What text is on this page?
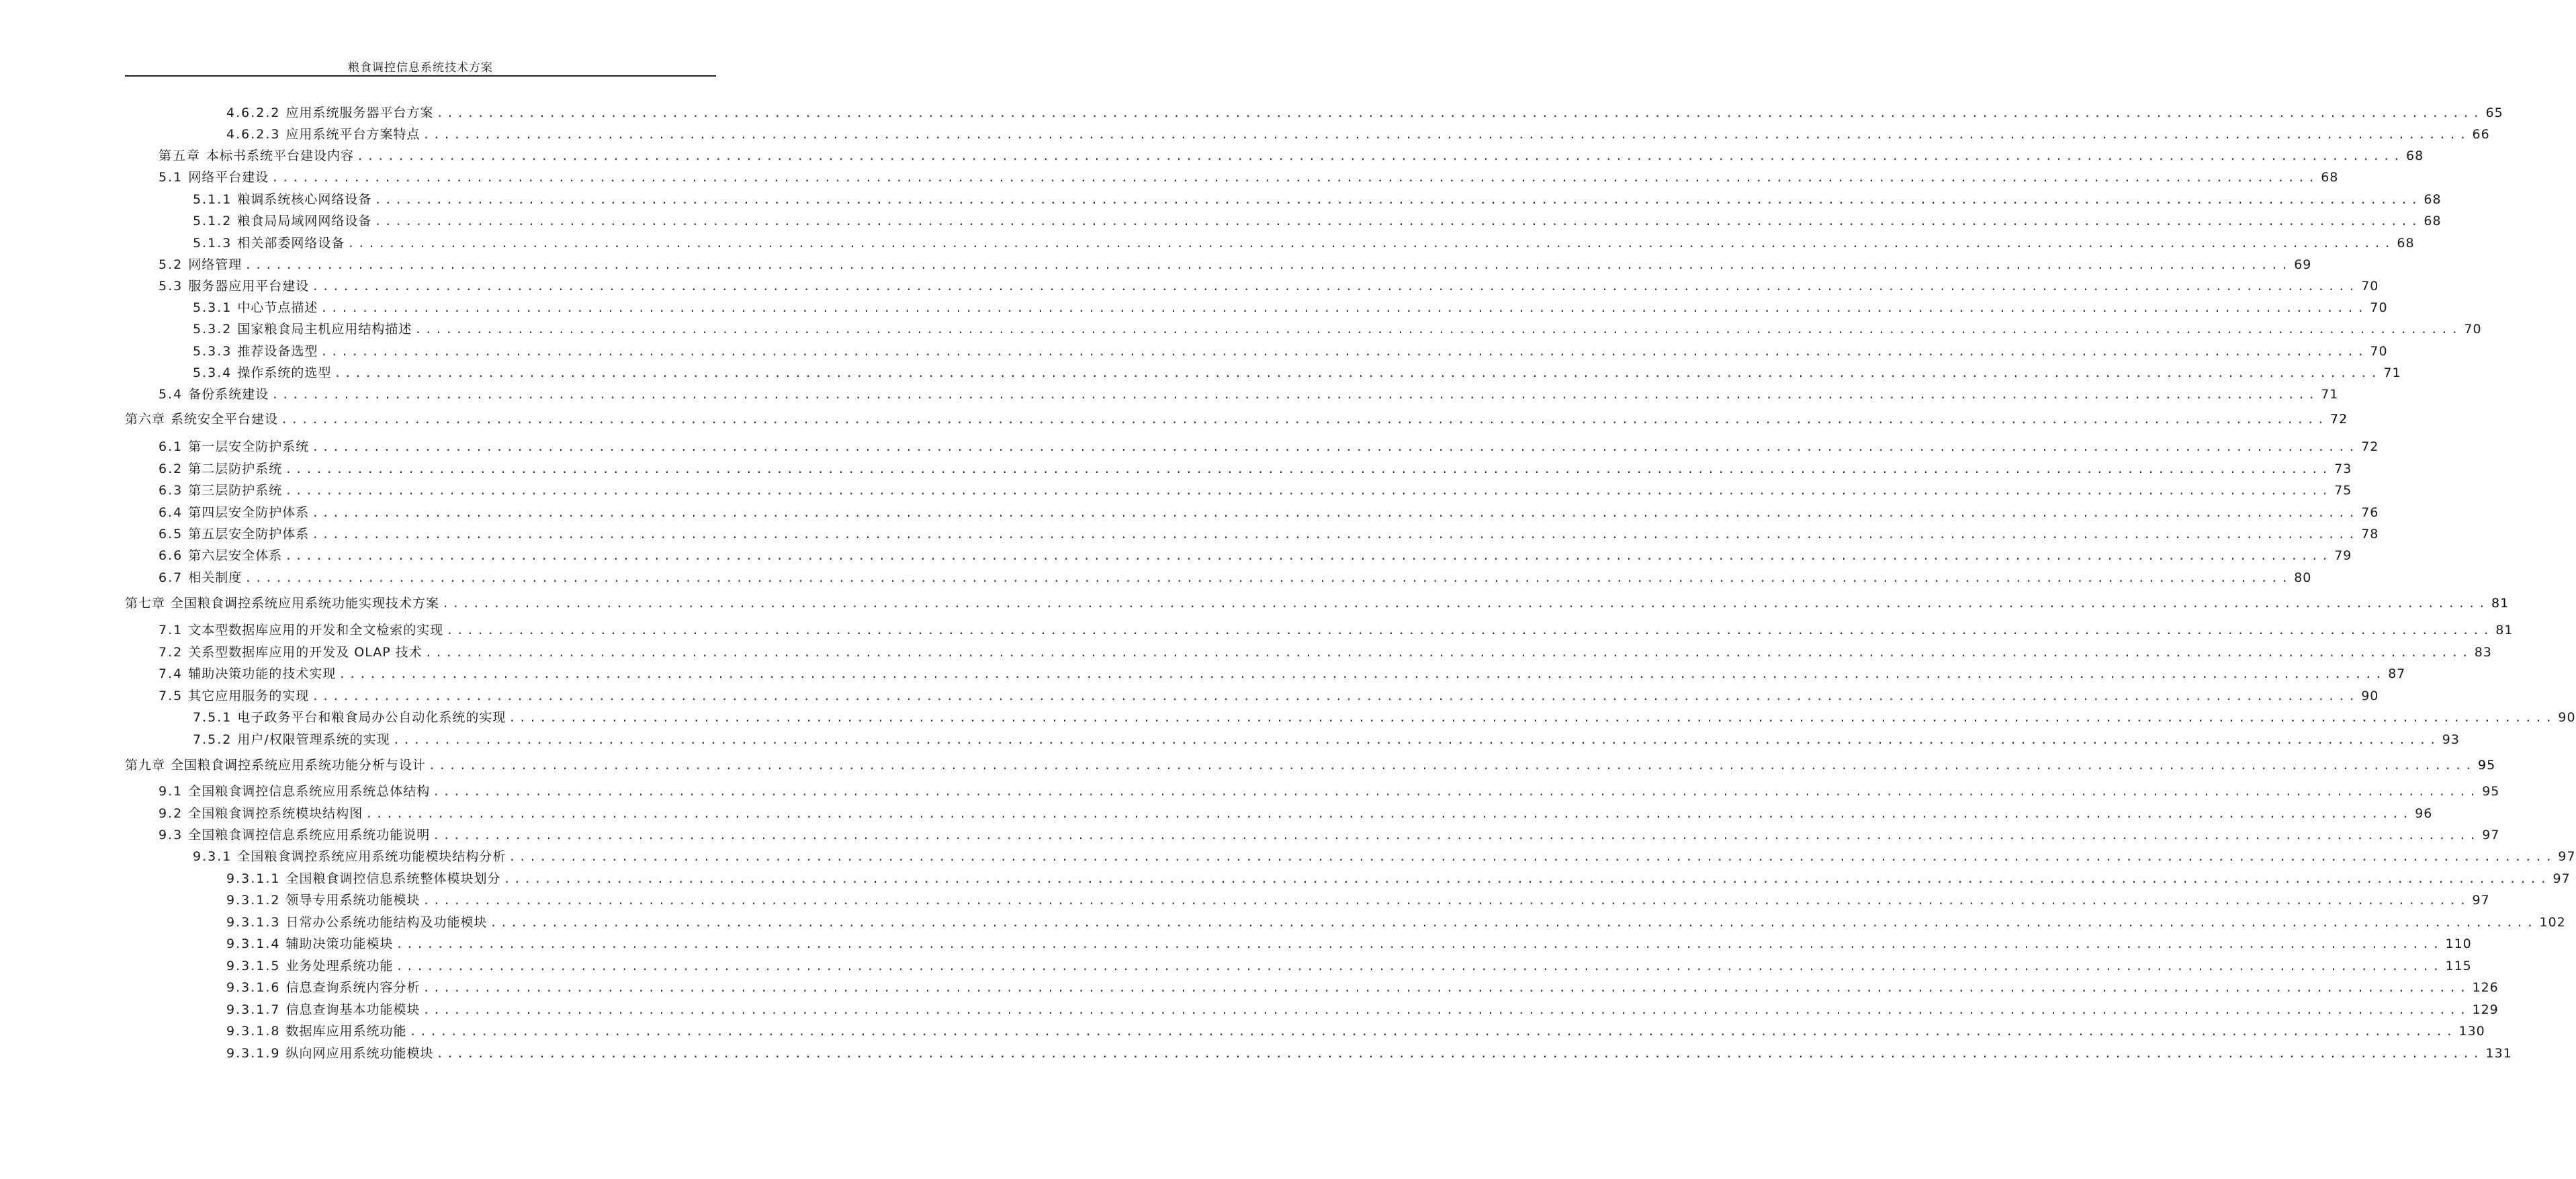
粮食调控信息系统技术方案
4.6.2.2 应用系统服务器平台方案 ........................................................................................................................................................................................................ 65
4.6.2.3 应用系统平台方案特点 ........................................................................................................................................................................................................ 66
第五章 本标书系统平台建设内容 ........................................................................................................................................................................................................ 68
5.1 网络平台建设 ........................................................................................................................................................................................................ 68
5.1.1 粮调系统核心网络设备 ........................................................................................................................................................................................................ 68
5.1.2 粮食局局域网网络设备 ........................................................................................................................................................................................................ 68
5.1.3 相关部委网络设备 ........................................................................................................................................................................................................ 68
5.2 网络管理 ........................................................................................................................................................................................................ 69
5.3 服务器应用平台建设 ........................................................................................................................................................................................................ 70
5.3.1 中心节点描述 ........................................................................................................................................................................................................ 70
5.3.2 国家粮食局主机应用结构描述 ........................................................................................................................................................................................................ 70
5.3.3 推荐设备选型 ........................................................................................................................................................................................................ 70
5.3.4 操作系统的选型 ........................................................................................................................................................................................................ 71
5.4 备份系统建设 ........................................................................................................................................................................................................ 71
第六章 系统安全平台建设 ........................................................................................................................................................................................................ 72
6.1 第一层安全防护系统 ........................................................................................................................................................................................................ 72
6.2 第二层防护系统 ........................................................................................................................................................................................................ 73
6.3 第三层防护系统 ........................................................................................................................................................................................................ 75
6.4 第四层安全防护体系 ........................................................................................................................................................................................................ 76
6.5 第五层安全防护体系 ........................................................................................................................................................................................................ 78
6.6 第六层安全体系 ........................................................................................................................................................................................................ 79
6.7 相关制度 ........................................................................................................................................................................................................ 80
第七章 全国粮食调控系统应用系统功能实现技术方案 ........................................................................................................................................................................................................ 81
7.1 文本型数据库应用的开发和全文检索的实现 ........................................................................................................................................................................................................ 81
7.2 关系型数据库应用的开发及 OLAP 技术 ........................................................................................................................................................................................................ 83
7.4 辅助决策功能的技术实现 ........................................................................................................................................................................................................ 87
7.5 其它应用服务的实现 ........................................................................................................................................................................................................ 90
7.5.1 电子政务平台和粮食局办公自动化系统的实现 ........................................................................................................................................................................................................ 90
7.5.2 用户/权限管理系统的实现 ........................................................................................................................................................................................................ 93
第九章 全国粮食调控系统应用系统功能分析与设计 ........................................................................................................................................................................................................ 95
9.1 全国粮食调控信息系统应用系统总体结构 ........................................................................................................................................................................................................ 95
9.2 全国粮食调控系统模块结构图 ........................................................................................................................................................................................................ 96
9.3 全国粮食调控信息系统应用系统功能说明 ........................................................................................................................................................................................................ 97
9.3.1 全国粮食调控系统应用系统功能模块结构分析 ........................................................................................................................................................................................................ 97
9.3.1.1 全国粮食调控信息系统整体模块划分 ........................................................................................................................................................................................................ 97
9.3.1.2 领导专用系统功能模块 ........................................................................................................................................................................................................ 97
9.3.1.3 日常办公系统功能结构及功能模块 ........................................................................................................................................................................................................ 102
9.3.1.4 辅助决策功能模块 ........................................................................................................................................................................................................ 110
9.3.1.5 业务处理系统功能 ........................................................................................................................................................................................................ 115
9.3.1.6 信息查询系统内容分析 ........................................................................................................................................................................................................ 126
9.3.1.7 信息查询基本功能模块 ........................................................................................................................................................................................................ 129
9.3.1.8 数据库应用系统功能 ........................................................................................................................................................................................................ 130
9.3.1.9 纵向网应用系统功能模块 ........................................................................................................................................................................................................ 131
